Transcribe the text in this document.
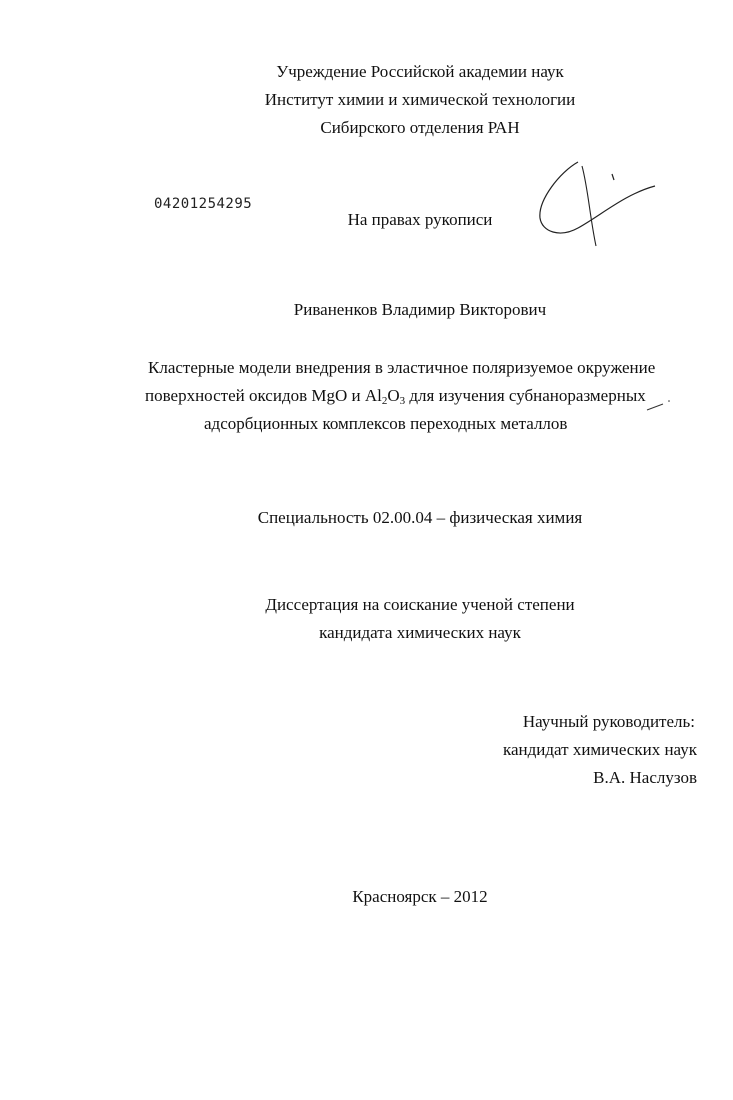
Учреждение Российской академии наук
Институт химии и химической технологии
Сибирского отделения РАН
04201254295
На правах рукописи
Риваненков Владимир Викторович
Кластерные модели внедрения в эластичное поляризуемое окружение
поверхностей оксидов MgO и $Al_2O_3$ для изучения субнаноразмерных
адсорбционных комплексов переходных металлов
Специальность 02.00.04 – физическая химия
Диссертация на соискание ученой степени
кандидата химических наук
Научный руководитель:
кандидат химических наук
В.А. Наслузов
Красноярск – 2012
